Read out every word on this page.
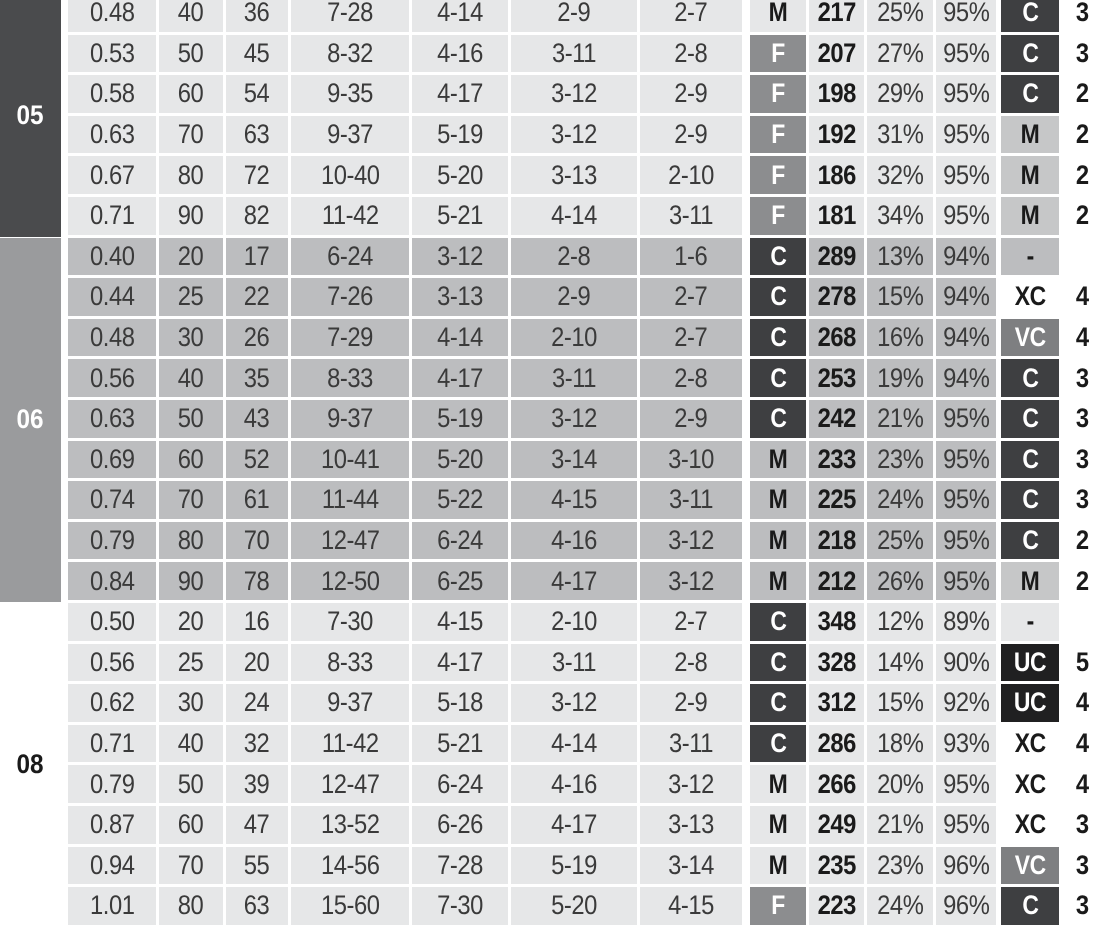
05
0.48 40 36 7-28 4-14	2-9	2-7 M 217 25% 95% C 3
0.53 50 45 8-32 4-16	3-11	2-8 F 207 27% 95% C 3
0.58 60 54 9-35 4-17	3-12	2-9 F 198 29% 95% C 2
0.63 70 63 9-37 5-19	3-12	2-9 F 192 31% 95% M 2
0.67 80 72 10-40 5-20	3-13	2-10 F 186 32% 95% M 2
0.71 90 82 11-42 5-21	4-14	3-11 F 181 34% 95% M 2
06
0.40 20 17 6-24 3-12	2-8	1-6 C 289 13% 94% -
0.44 25 22 7-26 3-13	2-9	2-7 C 278 15% 94% XC 4
0.48 30 26 7-29 4-14	2-10	2-7 C 268 16% 94% VC 4
0.56 40 35 8-33 4-17	3-11	2-8 C 253 19% 94% C 3
0.63 50 43 9-37 5-19	3-12	2-9 C 242 21% 95% C 3
0.69 60 52 10-41 5-20	3-14	3-10 M 233 23% 95% C 3
0.74 70 61 11-44 5-22	4-15	3-11 M 225 24% 95% C 3
0.79 80 70 12-47 6-24	4-16	3-12 M 218 25% 95% C 2
0.84 90 78 12-50 6-25	4-17	3-12 M 212 26% 95% M 2
08
0.50 20 16 7-30 4-15	2-10	2-7 C 348 12% 89% -
0.56 25 20 8-33 4-17	3-11	2-8 C 328 14% 90% UC 5
0.62 30 24 9-37 5-18	3-12	2-9 C 312 15% 92% UC 4
0.71 40 32 11-42 5-21	4-14	3-11 C 286 18% 93% XC 4
0.79 50 39 12-47 6-24	4-16	3-12 M 266 20% 95% XC 4
0.87 60 47 13-52 6-26	4-17	3-13 M 249 21% 95% XC 3
0.94 70 55 14-56 7-28	5-19	3-14 M 235 23% 96% VC 3
1.01 80 63 15-60 7-30	5-20	4-15 F 223 24% 96% C 3
